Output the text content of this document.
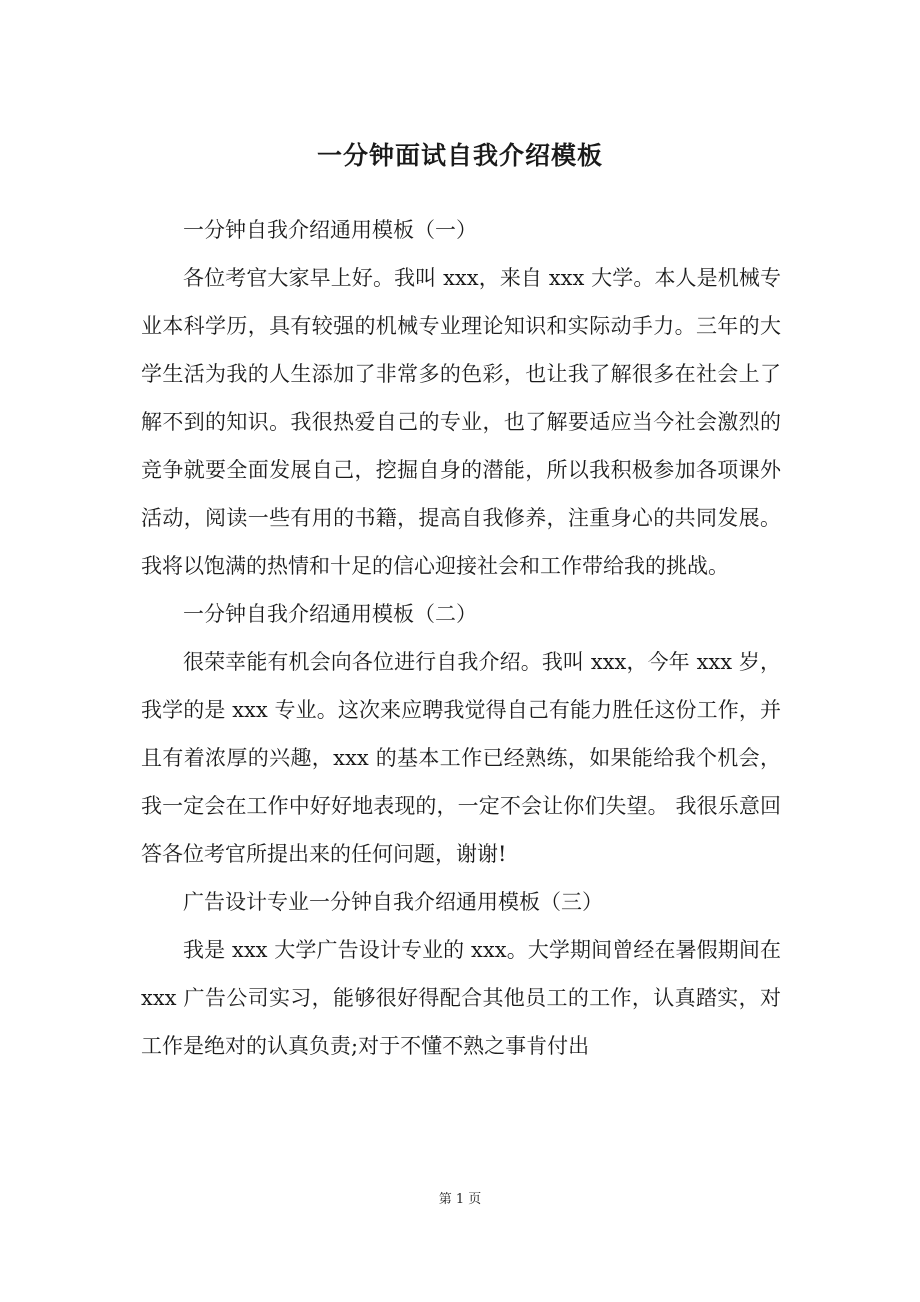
一分钟面试自我介绍模板

一分钟自我介绍通用模板（一）

各位考官大家早上好。我叫 xxx，来自 xxx 大学。本人是机械专业本科学历，具有较强的机械专业理论知识和实际动手力。三年的大学生活为我的人生添加了非常多的色彩，也让我了解很多在社会上了解不到的知识。我很热爱自己的专业，也了解要适应当今社会激烈的竞争就要全面发展自己，挖掘自身的潜能，所以我积极参加各项课外活动，阅读一些有用的书籍，提高自我修养，注重身心的共同发展。我将以饱满的热情和十足的信心迎接社会和工作带给我的挑战。

一分钟自我介绍通用模板（二）

很荣幸能有机会向各位进行自我介绍。我叫 xxx，今年 xxx 岁，我学的是 xxx 专业。这次来应聘我觉得自己有能力胜任这份工作，并且有着浓厚的兴趣，xxx 的基本工作已经熟练，如果能给我个机会，我一定会在工作中好好地表现的，一定不会让你们失望。 我很乐意回答各位考官所提出来的任何问题，谢谢!

广告设计专业一分钟自我介绍通用模板（三）

我是 xxx 大学广告设计专业的 xxx。大学期间曾经在暑假期间在 xxx 广告公司实习，能够很好得配合其他员工的工作，认真踏实，对工作是绝对的认真负责;对于不懂不熟之事肯付出

第 1 页
